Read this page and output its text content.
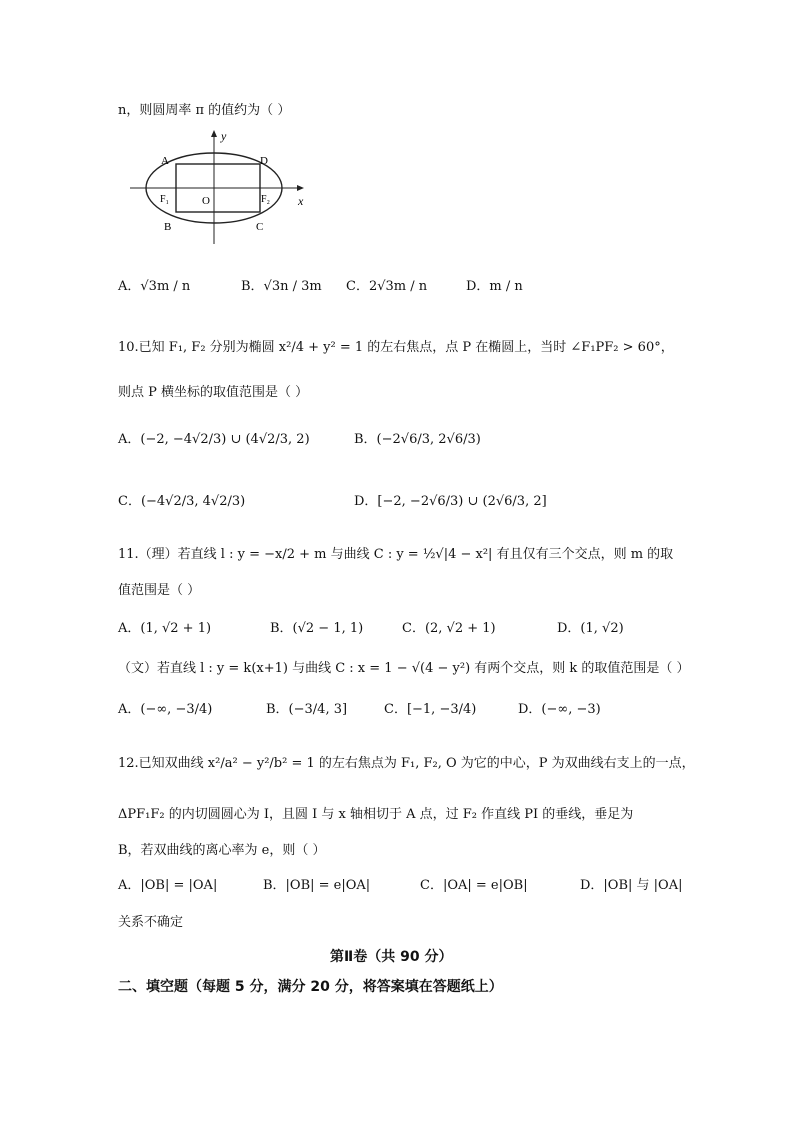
n，则圆周率 π 的值约为（ ）
y
x
A	D
B	C
O
F₁	F₂
A．√3m / n	B．√3n / 3m C．2√3m / n	D．m / n
10.已知 F₁, F₂ 分别为椭圆 x²/4 + y² = 1 的左右焦点，点 P 在椭圆上，当时 ∠F₁PF₂ > 60°，
则点 P 横坐标的取值范围是（ ）
A．(−2, −4√2/3) ∪ (4√2/3, 2)	B．(−2√6/3, 2√6/3)
C．(−4√2/3, 4√2/3)	D．[−2, −2√6/3) ∪ (2√6/3, 2]
11.（理）若直线 l : y = −x/2 + m 与曲线 C : y = ½√|4 − x²| 有且仅有三个交点，则 m 的取
值范围是（ ）
A．(1, √2 + 1)	B．(√2 − 1, 1)	C．(2, √2 + 1)	D．(1, √2)
（文）若直线 l : y = k(x+1) 与曲线 C : x = 1 − √(4 − y²) 有两个交点，则 k 的取值范围是（ ）
A．(−∞, −3/4)	B．(−3/4, 3]	C．[−1, −3/4)	D．(−∞, −3)
12.已知双曲线 x²/a² − y²/b² = 1 的左右焦点为 F₁, F₂, O 为它的中心，P 为双曲线右支上的一点，
ΔPF₁F₂ 的内切圆圆心为 I，且圆 I 与 x 轴相切于 A 点，过 F₂ 作直线 PI 的垂线，垂足为
B，若双曲线的离心率为 e，则（ ）
A．|OB| = |OA|	B．|OB| = e|OA|	C．|OA| = e|OB|	D．|OB| 与 |OA|
关系不确定
第Ⅱ卷（共 90 分）
二、填空题（每题 5 分，满分 20 分，将答案填在答题纸上）
